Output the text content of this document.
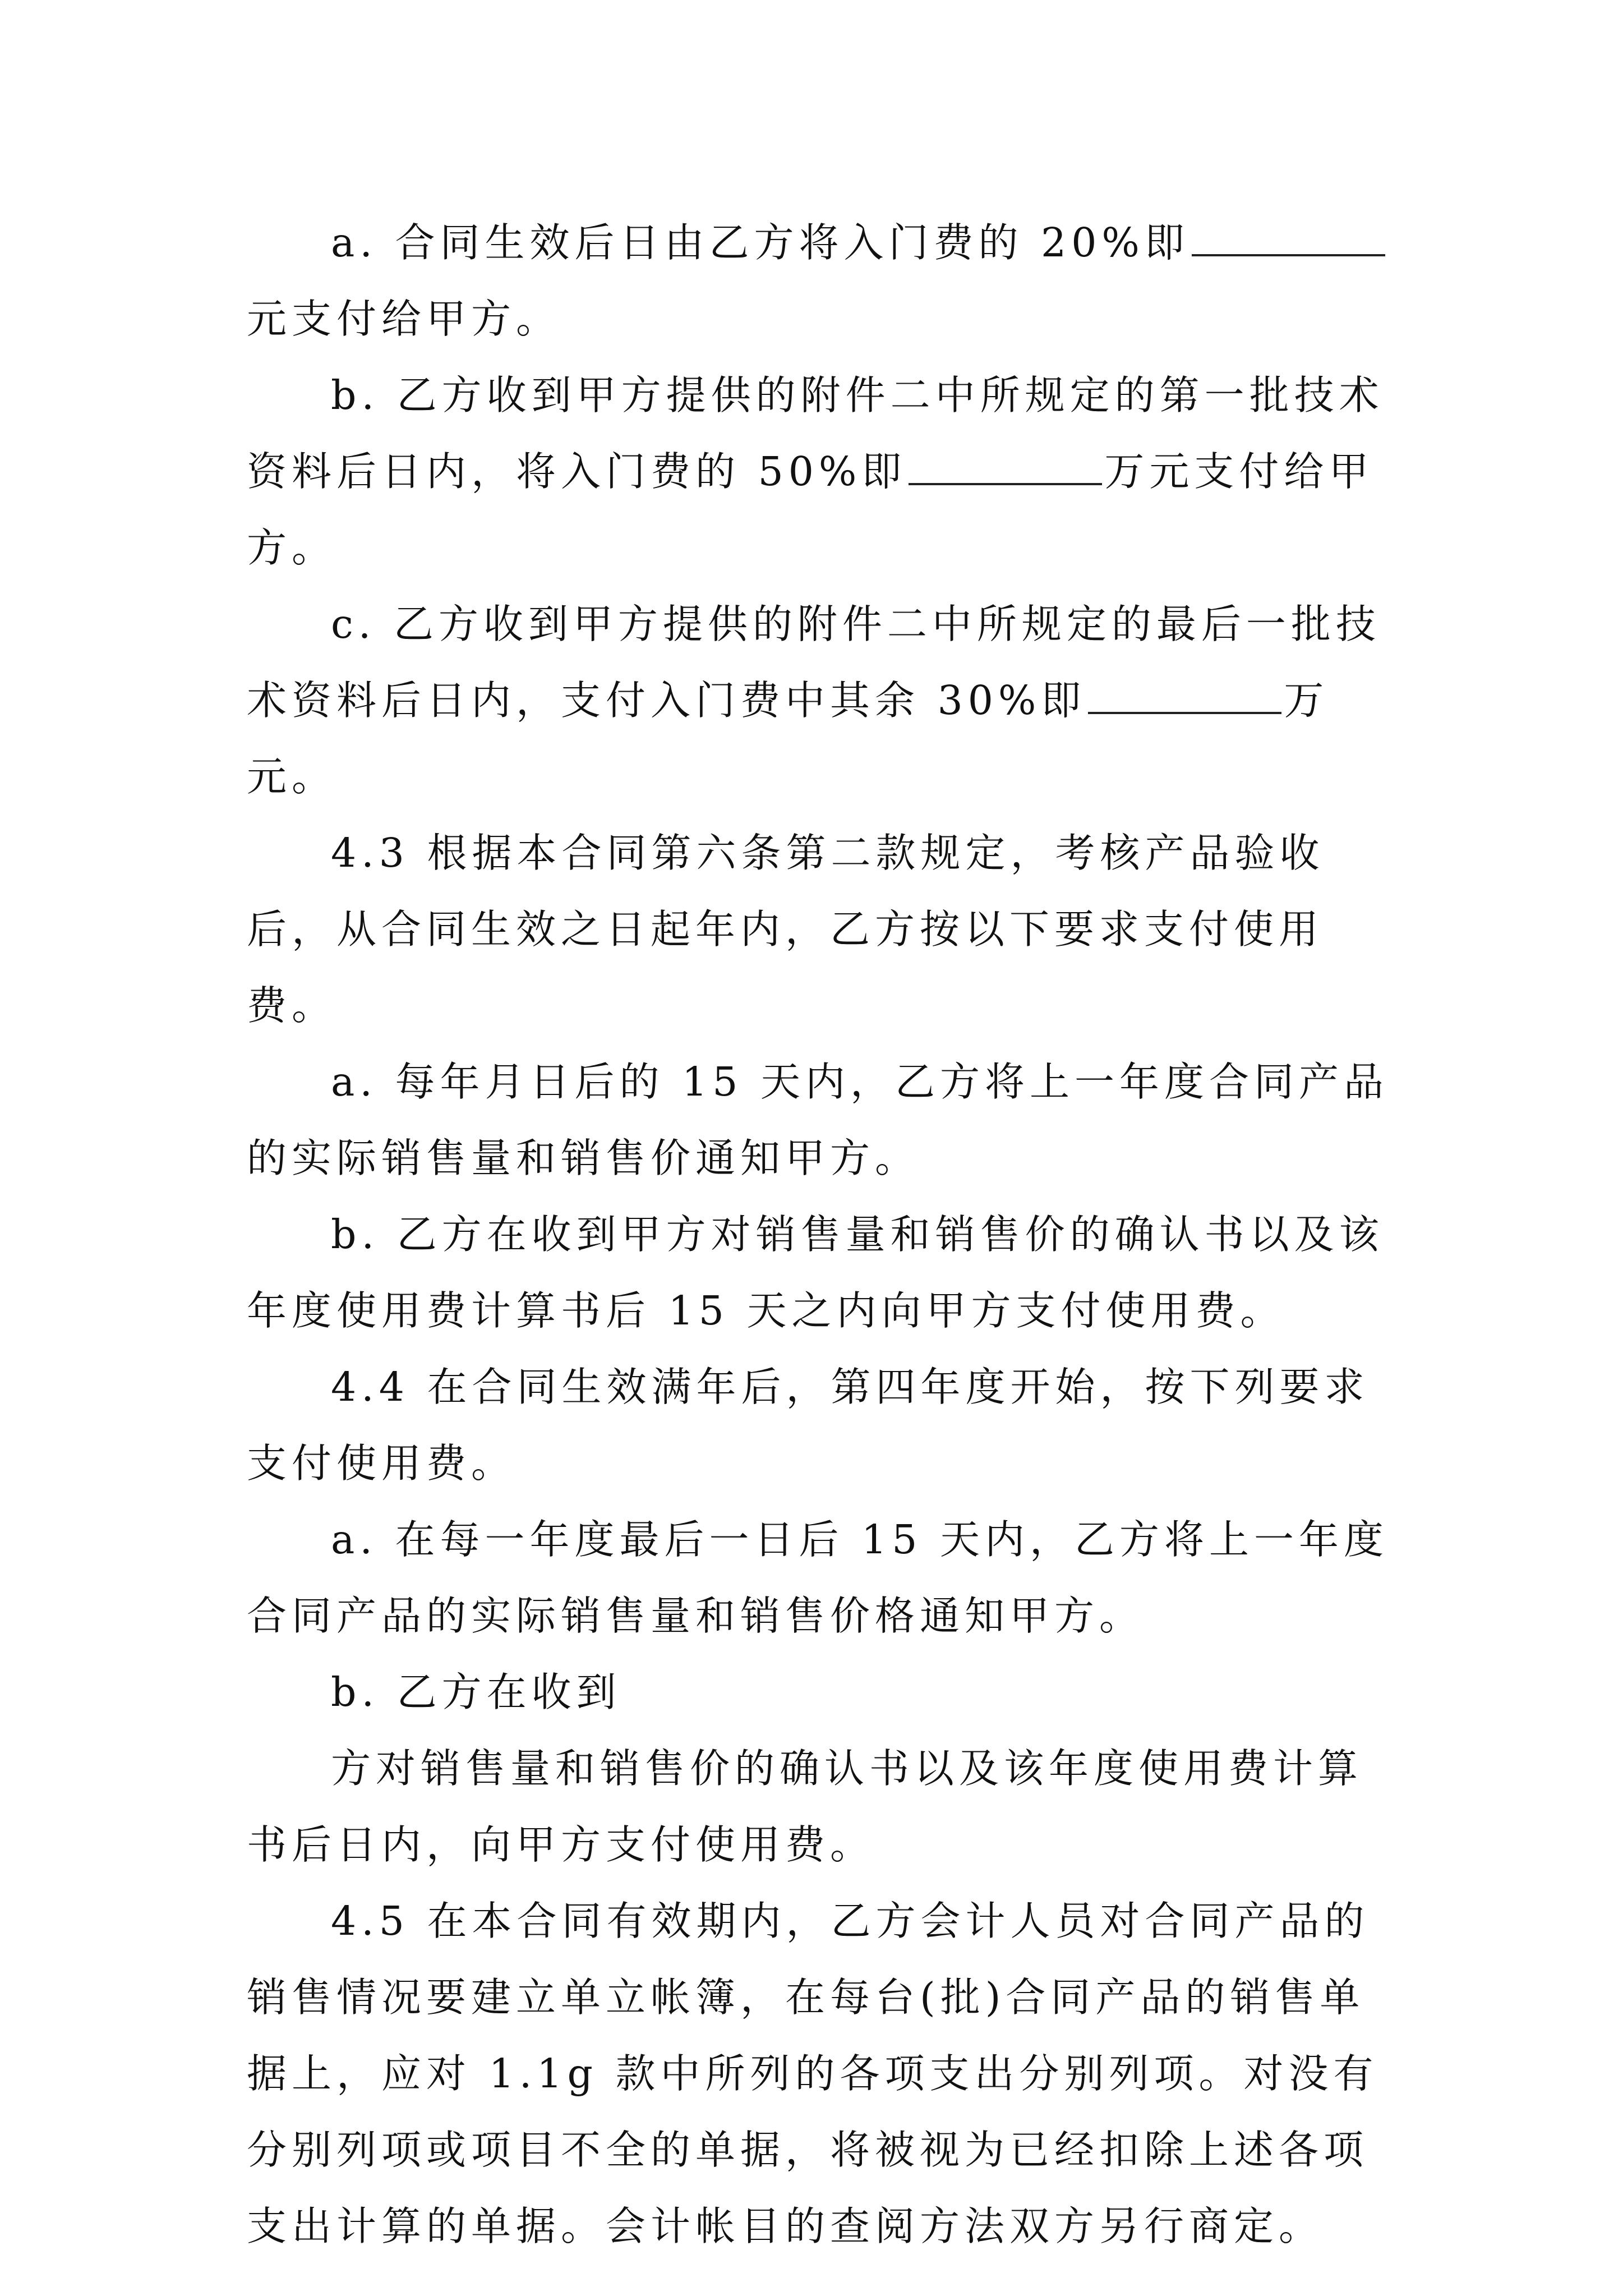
a. 合同生效后日由乙方将入门费的 20%即元支付给甲方。

b. 乙方收到甲方提供的附件二中所规定的第一批技术资料后日内，将入门费的 50%即	万元支付给甲方。

c. 乙方收到甲方提供的附件二中所规定的最后一批技术资料后日内，支付入门费中其余 30%即	万元。

4.3 根据本合同第六条第二款规定，考核产品验收后，从合同生效之日起年内，乙方按以下要求支付使用费。

a. 每年月日后的 15 天内，乙方将上一年度合同产品的实际销售量和销售价通知甲方。

b. 乙方在收到甲方对销售量和销售价的确认书以及该年度使用费计算书后 15 天之内向甲方支付使用费。

4.4 在合同生效满年后，第四年度开始，按下列要求支付使用费。

a. 在每一年度最后一日后 15 天内，乙方将上一年度合同产品的实际销售量和销售价格通知甲方。

b. 乙方在收到

方对销售量和销售价的确认书以及该年度使用费计算书后日内，向甲方支付使用费。

4.5 在本合同有效期内，乙方会计人员对合同产品的销售情况要建立单立帐簿，在每台(批)合同产品的销售单据上，应对 1.1g 款中所列的各项支出分别列项。对没有分别列项或项目不全的单据，将被视为已经扣除上述各项支出计算的单据。会计帐目的查阅方法双方另行商定。
